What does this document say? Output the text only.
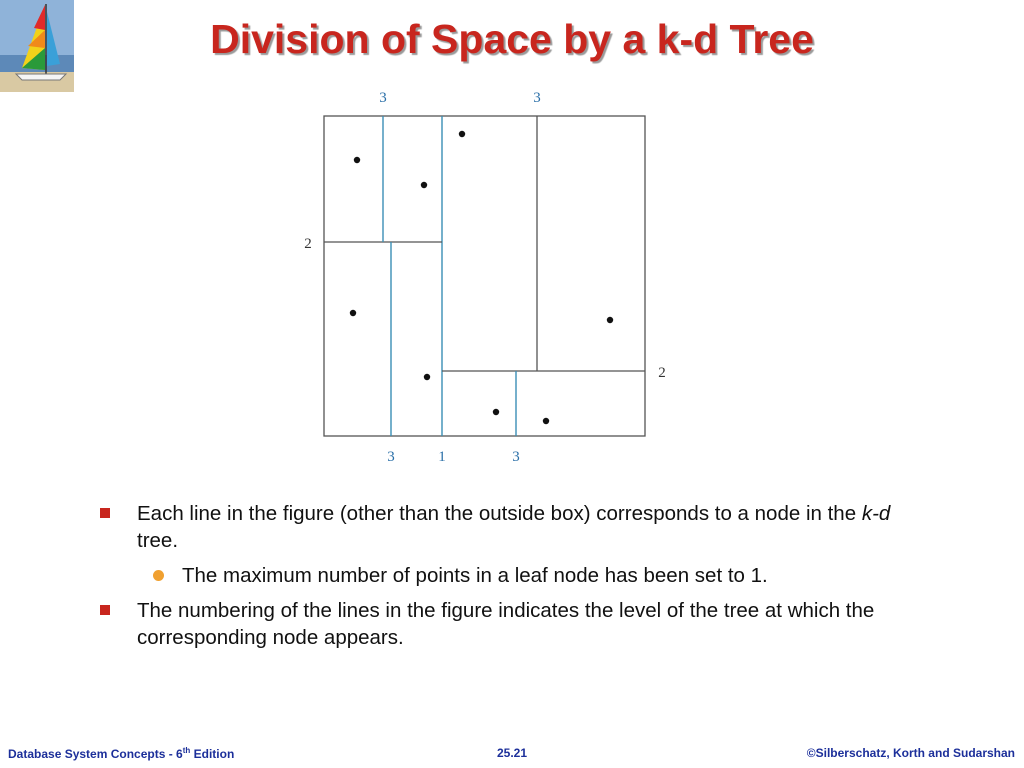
Division of Space by a k-d Tree
3	3
2
2
3	1	3
Each line in the figure (other than the outside box) corresponds to a node in the k-d tree.
The maximum number of points in a leaf node has been set to 1.
The numbering of the lines in the figure indicates the level of the tree at which the corresponding node appears.
Database System Concepts - 6th Edition	25.21	©Silberschatz, Korth and Sudarshan
